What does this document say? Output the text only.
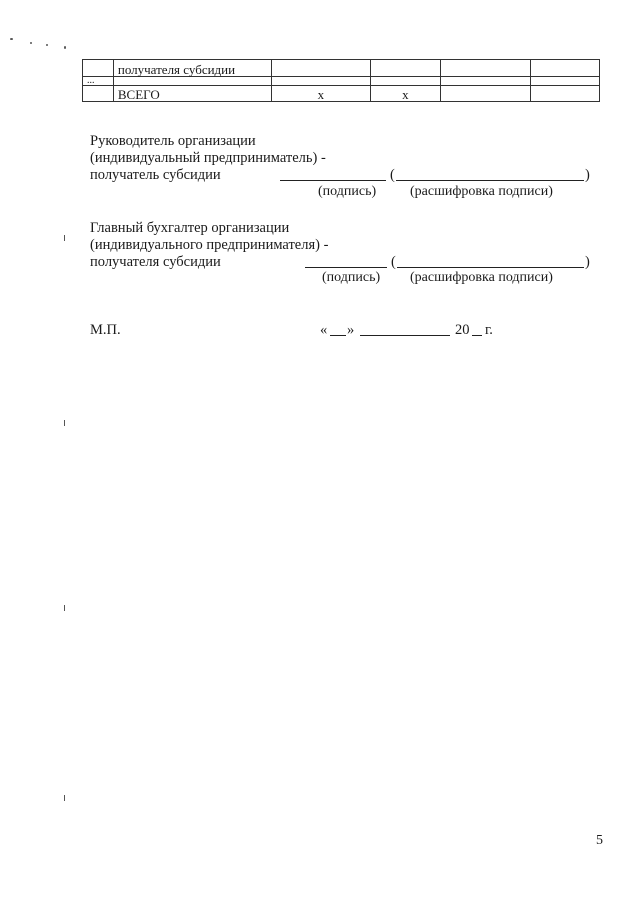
	получателя субсидии				
...					
	ВСЕГО	х	х		
Руководитель организации
(индивидуальный предприниматель) -
получатель субсидии	(	)
(подпись) (расшифровка подписи)
Главный бухгалтер организации
(индивидуального предпринимателя) -
получателя субсидии	(	)
(подпись) (расшифровка подписи)
М.П.	« »	20 г.
5
